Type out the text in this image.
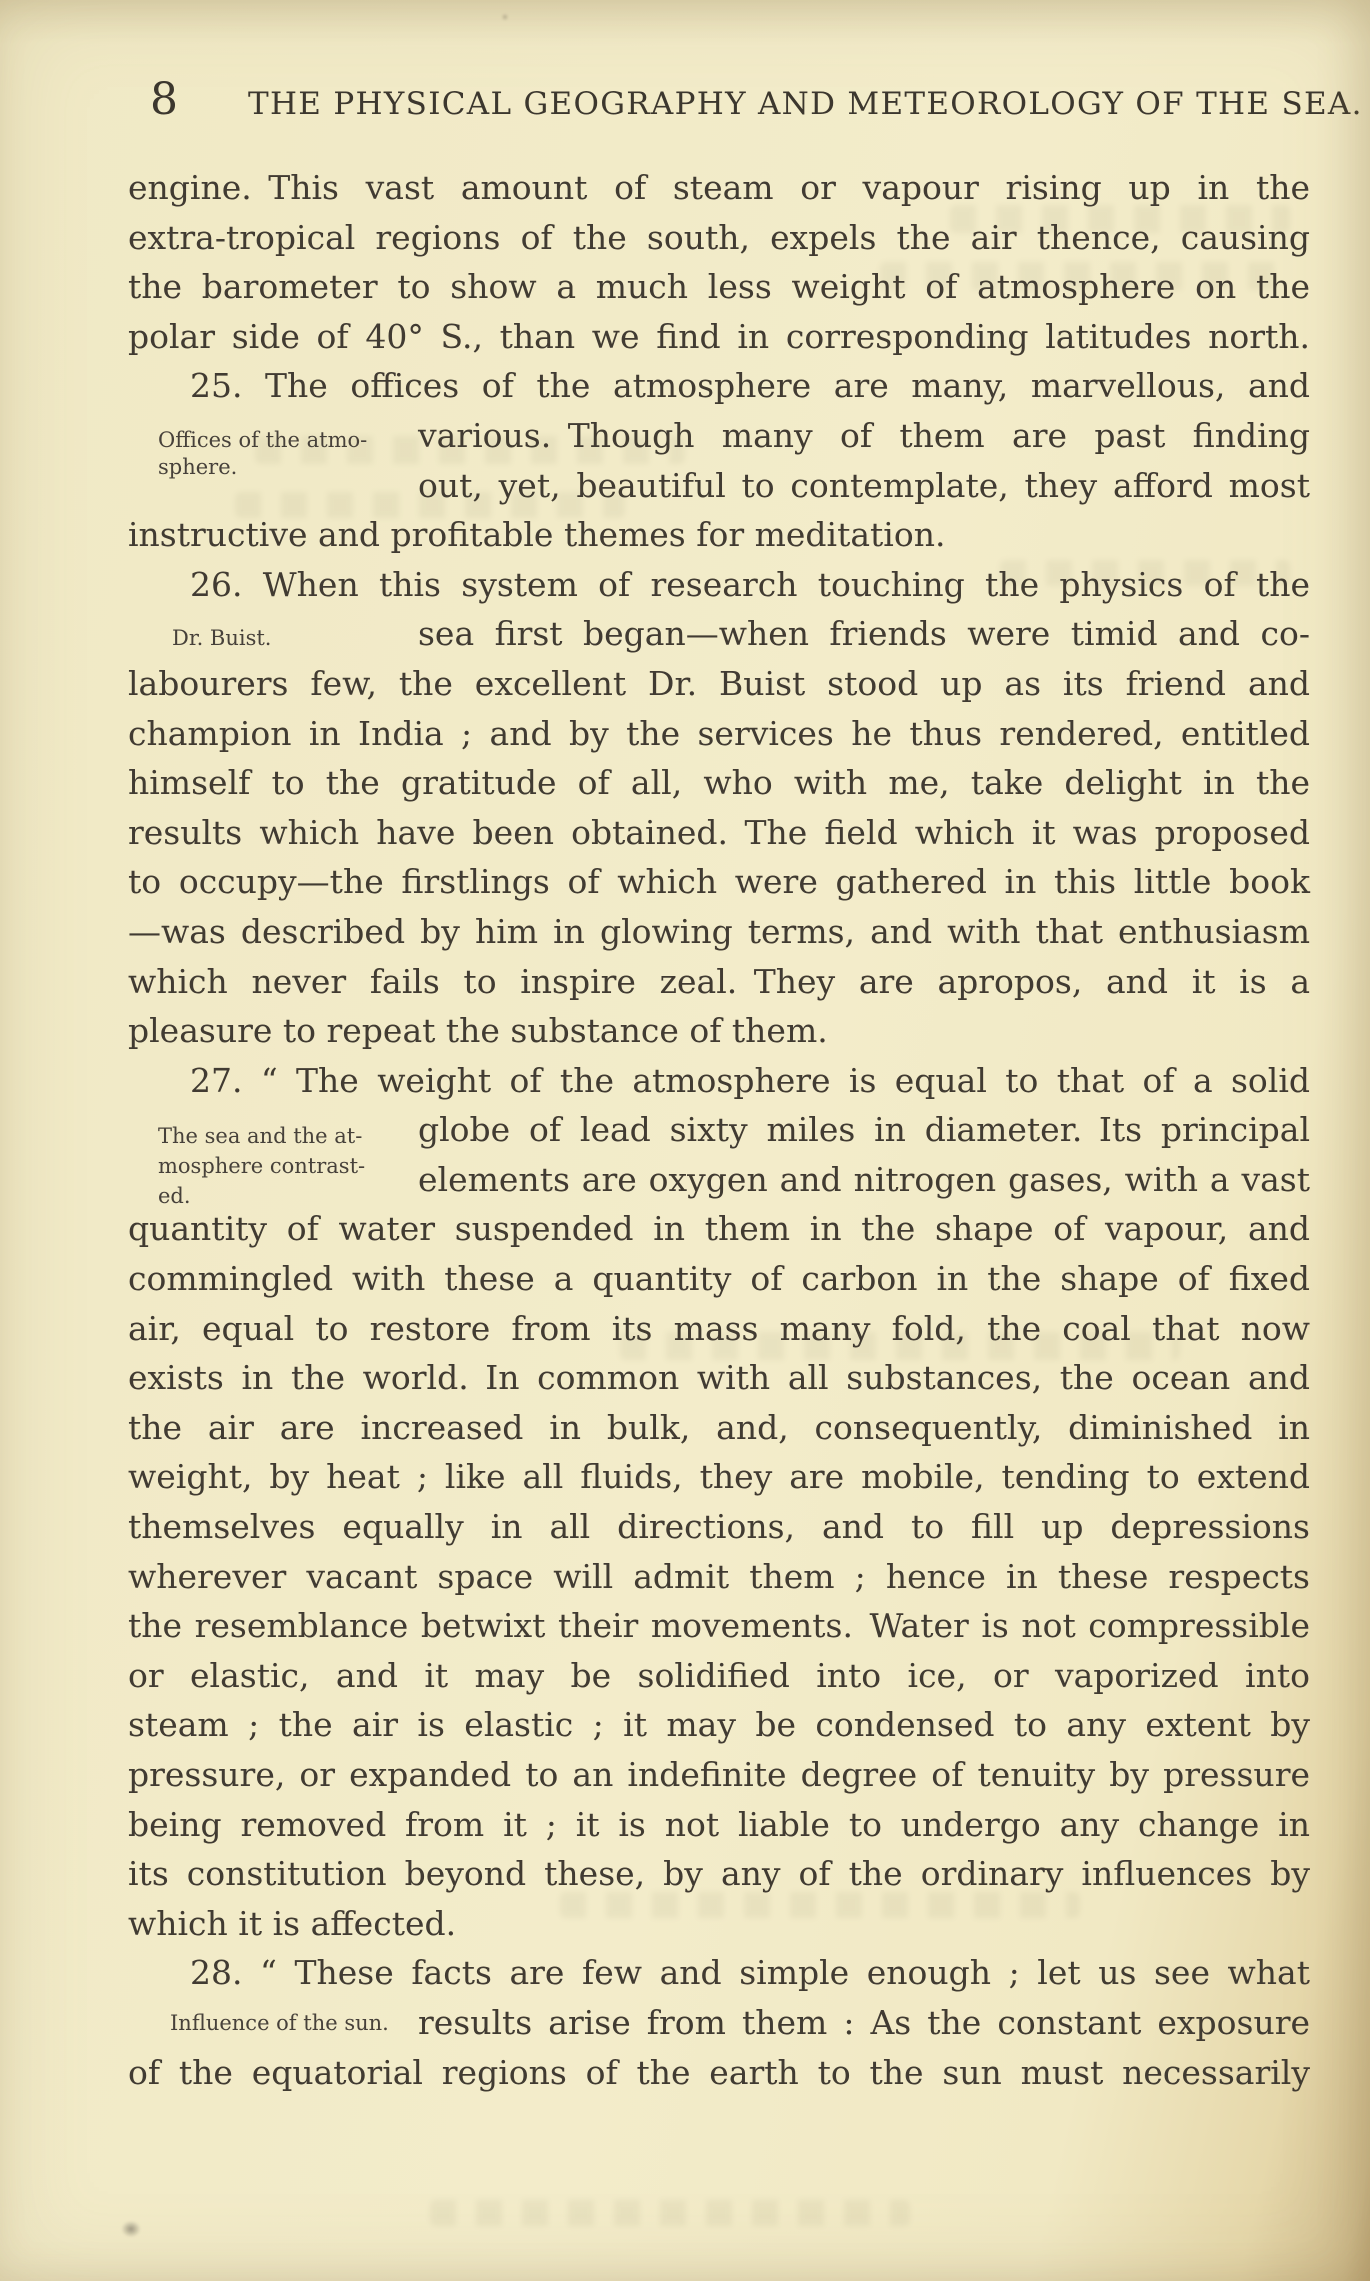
8 THE PHYSICAL GEOGRAPHY AND METEOROLOGY OF THE SEA.
Offices of the atmo-
sphere.
Dr. Buist.
The sea and the at-
mosphere contrast-
ed.
Influence of the sun.
engine. This vast amount of steam or vapour rising up in the
extra-tropical regions of the south, expels the air thence, causing
the barometer to show a much less weight of atmosphere on the
polar side of 40° S., than we find in corresponding latitudes north.
25. The offices of the atmosphere are many, marvellous, and
various. Though many of them are past finding
out, yet, beautiful to contemplate, they afford most
instructive and profitable themes for meditation.
26. When this system of research touching the physics of the
sea first began—when friends were timid and co-
labourers few, the excellent Dr. Buist stood up as its friend and
champion in India ; and by the services he thus rendered, entitled
himself to the gratitude of all, who with me, take delight in the
results which have been obtained. The field which it was proposed
to occupy—the firstlings of which were gathered in this little book
—was described by him in glowing terms, and with that enthusiasm
which never fails to inspire zeal. They are apropos, and it is a
pleasure to repeat the substance of them.
27. “ The weight of the atmosphere is equal to that of a solid
globe of lead sixty miles in diameter. Its principal
elements are oxygen and nitrogen gases, with a vast
quantity of water suspended in them in the shape of vapour, and
commingled with these a quantity of carbon in the shape of fixed
air, equal to restore from its mass many fold, the coal that now
exists in the world. In common with all substances, the ocean and
the air are increased in bulk, and, consequently, diminished in
weight, by heat ; like all fluids, they are mobile, tending to extend
themselves equally in all directions, and to fill up depressions
wherever vacant space will admit them ; hence in these respects
the resemblance betwixt their movements. Water is not compressible
or elastic, and it may be solidified into ice, or vaporized into
steam ; the air is elastic ; it may be condensed to any extent by
pressure, or expanded to an indefinite degree of tenuity by pressure
being removed from it ; it is not liable to undergo any change in
its constitution beyond these, by any of the ordinary influences by
which it is affected.
28. “ These facts are few and simple enough ; let us see what
results arise from them : As the constant exposure
of the equatorial regions of the earth to the sun must necessarily
